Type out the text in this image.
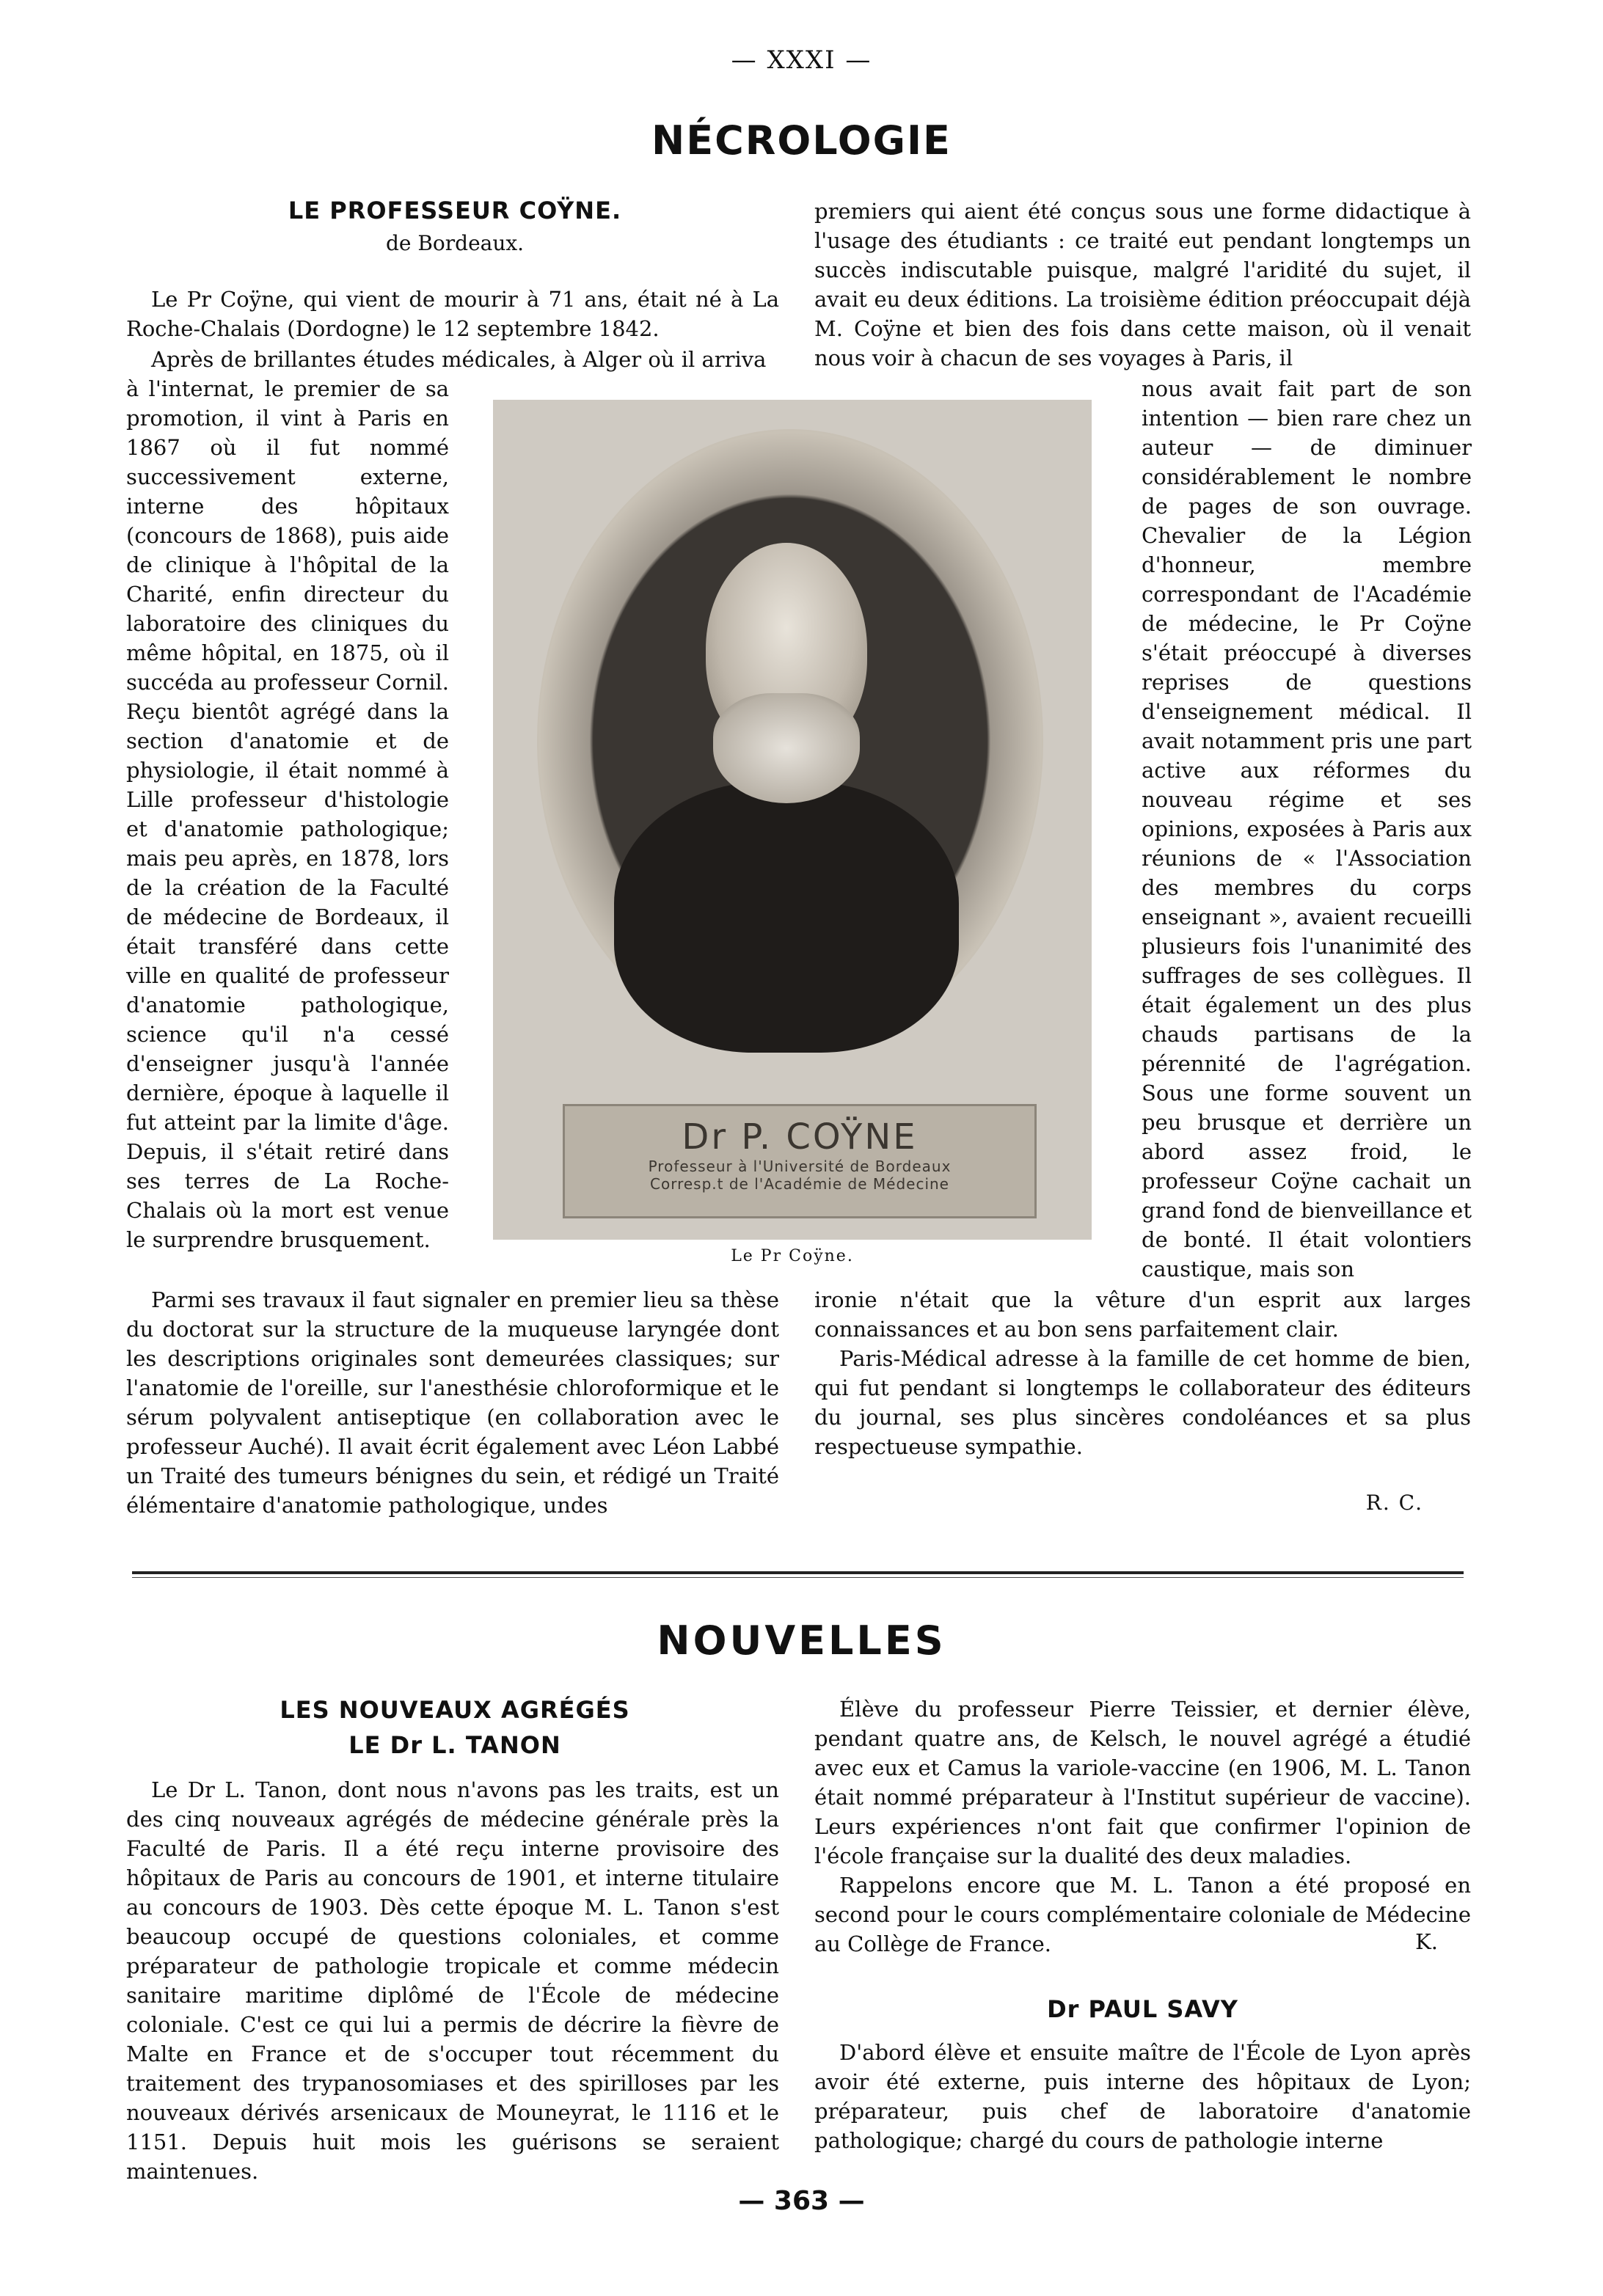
— XXXI —
NÉCROLOGIE
LE PROFESSEUR COŸNE.
de Bordeaux.

Le Pr Coÿne, qui vient de mourir à 71 ans, était né à La Roche-Chalais (Dordogne) le 12 septembre 1842.

Après de brillantes études médicales, à Alger où il arriva

à l'internat, le premier de sa promotion, il vint à Paris en 1867 où il fut nommé successivement externe, interne des hôpitaux (concours de 1868), puis aide de clinique à l'hôpital de la Charité, enfin directeur du laboratoire des cliniques du même hôpital, en 1875, où il succéda au professeur Cornil. Reçu bientôt agrégé dans la section d'anatomie et de physiologie, il était nommé à Lille professeur d'histologie et d'anatomie pathologique; mais peu après, en 1878, lors de la création de la Faculté de médecine de Bordeaux, il était transféré dans cette ville en qualité de professeur d'anatomie pathologique, science qu'il n'a cessé d'enseigner jusqu'à l'année dernière, époque à laquelle il fut atteint par la limite d'âge. Depuis, il s'était retiré dans ses terres de La Roche-Chalais où la mort est venue le surprendre brusquement.

Parmi ses travaux il faut signaler en premier lieu sa thèse du doctorat sur la structure de la muqueuse laryngée dont les descriptions originales sont demeurées classiques; sur l'anatomie de l'oreille, sur l'anesthésie chloroformique et le sérum polyvalent antiseptique (en collaboration avec le professeur Auché). Il avait écrit également avec Léon Labbé un Traité des tumeurs bénignes du sein, et rédigé un Traité élémentaire d'anatomie pathologique, undes

Dr P. COŸNE
Professeur à l'Université de Bordeaux
Corresp.t de l'Académie de Médecine
Le Pr Coÿne.

premiers qui aient été conçus sous une forme didactique à l'usage des étudiants : ce traité eut pendant longtemps un succès indiscutable puisque, malgré l'aridité du sujet, il avait eu deux éditions. La troisième édition préoccupait déjà M. Coÿne et bien des fois dans cette maison, où il venait nous voir à chacun de ses voyages à Paris, il

nous avait fait part de son intention — bien rare chez un auteur — de diminuer considérablement le nombre de pages de son ouvrage. Chevalier de la Légion d'honneur, membre correspondant de l'Académie de médecine, le Pr Coÿne s'était préoccupé à diverses reprises de questions d'enseignement médical. Il avait notamment pris une part active aux réformes du nouveau régime et ses opinions, exposées à Paris aux réunions de « l'Association des membres du corps enseignant », avaient recueilli plusieurs fois l'unanimité des suffrages de ses collègues. Il était également un des plus chauds partisans de la pérennité de l'agrégation. Sous une forme souvent un peu brusque et derrière un abord assez froid, le professeur Coÿne cachait un grand fond de bienveillance et de bonté. Il était volontiers caustique, mais son

ironie n'était que la vêture d'un esprit aux larges connaissances et au bon sens parfaitement clair.

Paris-Médical adresse à la famille de cet homme de bien, qui fut pendant si longtemps le collaborateur des éditeurs du journal, ses plus sincères condoléances et sa plus respectueuse sympathie.

R. C.
NOUVELLES
LES NOUVEAUX AGRÉGÉS
LE Dr L. TANON

Le Dr L. Tanon, dont nous n'avons pas les traits, est un des cinq nouveaux agrégés de médecine générale près la Faculté de Paris. Il a été reçu interne provisoire des hôpitaux de Paris au concours de 1901, et interne titulaire au concours de 1903. Dès cette époque M. L. Tanon s'est beaucoup occupé de questions coloniales, et comme préparateur de pathologie tropicale et comme médecin sanitaire maritime diplômé de l'École de médecine coloniale. C'est ce qui lui a permis de décrire la fièvre de Malte en France et de s'occuper tout récemment du traitement des trypanosomiases et des spirilloses par les nouveaux dérivés arsenicaux de Mouneyrat, le 1116 et le 1151. Depuis huit mois les guérisons se seraient maintenues.

Élève du professeur Pierre Teissier, et dernier élève, pendant quatre ans, de Kelsch, le nouvel agrégé a étudié avec eux et Camus la variole-vaccine (en 1906, M. L. Tanon était nommé préparateur à l'Institut supérieur de vaccine). Leurs expériences n'ont fait que confirmer l'opinion de l'école française sur la dualité des deux maladies.

Rappelons encore que M. L. Tanon a été proposé en second pour le cours complémentaire coloniale de Médecine au Collège de France.	K.
Dr PAUL SAVY

D'abord élève et ensuite maître de l'École de Lyon après avoir été externe, puis interne des hôpitaux de Lyon; préparateur, puis chef de laboratoire d'anatomie pathologique; chargé du cours de pathologie interne

— 363 —
